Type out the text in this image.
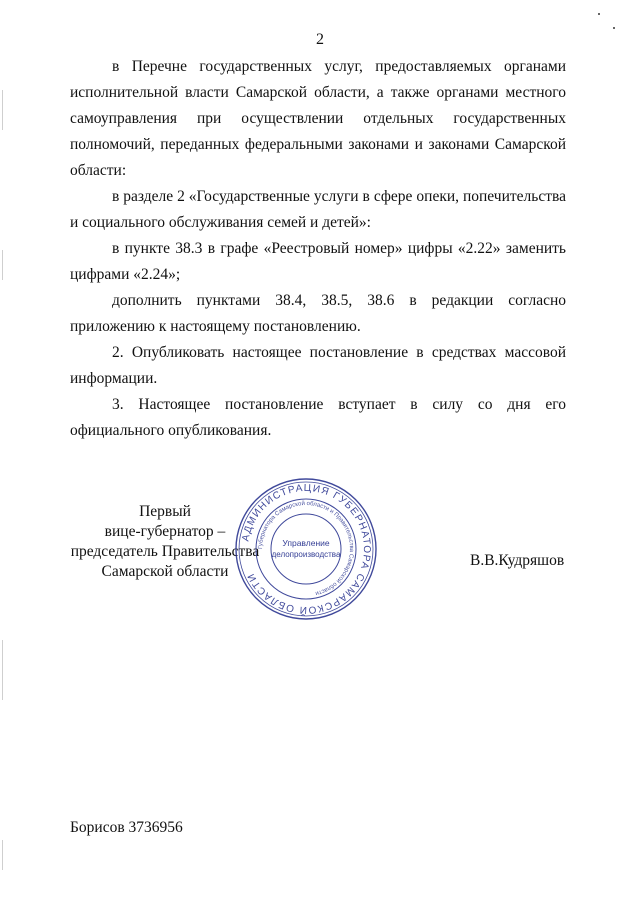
2

в Перечне государственных услуг, предоставляемых органами исполнительной власти Самарской области, а также органами местного самоуправления при осуществлении отдельных государственных полномочий, переданных федеральными законами и законами Самарской области:

в разделе 2 «Государственные услуги в сфере опеки, попечительства и социального обслуживания семей и детей»:

в пункте 38.3 в графе «Реестровый номер» цифры «2.22» заменить цифрами «2.24»;

дополнить пунктами 38.4, 38.5, 38.6 в редакции согласно приложению к настоящему постановлению.

2. Опубликовать настоящее постановление в средствах массовой информации.

3. Настоящее постановление вступает в силу со дня его официального опубликования.

Первый
вице-губернатор –
председатель Правительства
Самарской области
В.В.Кудряшов
АДМИНИСТРАЦИЯ ГУБЕРНАТОРА САМАРСКОЙ ОБЛАСТИ
Губернатора Самарской области и Правительства Самарской области
Управление
делопроизводства
Борисов 3736956
